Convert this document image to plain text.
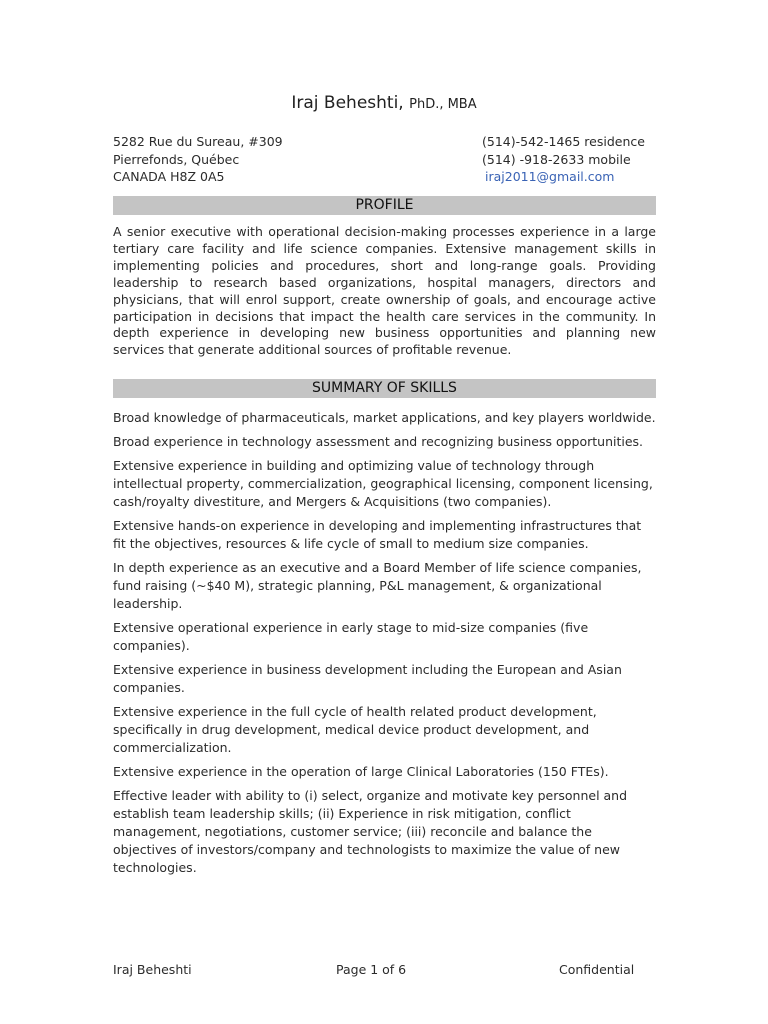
Iraj Beheshti, PhD., MBA
5282 Rue du Sureau, #309
Pierrefonds, Québec
CANADA H8Z 0A5
(514)-542-1465 residence
(514) -918-2633 mobile
iraj2011@gmail.com
PROFILE
A senior executive with operational decision-making processes experience in a large tertiary care facility and life science companies. Extensive management skills in implementing policies and procedures, short and long-range goals. Providing leadership to research based organizations, hospital managers, directors and physicians, that will enrol support, create ownership of goals, and encourage active participation in decisions that impact the health care services in the community. In depth experience in developing new business opportunities and planning new services that generate additional sources of profitable revenue.
SUMMARY OF SKILLS

Broad knowledge of pharmaceuticals, market applications, and key players worldwide.

Broad experience in technology assessment and recognizing business opportunities.

Extensive experience in building and optimizing value of technology through intellectual property, commercialization, geographical licensing, component licensing, cash/royalty divestiture, and Mergers & Acquisitions (two companies).

Extensive hands-on experience in developing and implementing infrastructures that fit the objectives, resources & life cycle of small to medium size companies.

In depth experience as an executive and a Board Member of life science companies, fund raising (~$40 M), strategic planning, P&L management, & organizational leadership.

Extensive operational experience in early stage to mid-size companies (five companies).

Extensive experience in business development including the European and Asian companies.

Extensive experience in the full cycle of health related product development, specifically in drug development, medical device product development, and commercialization.

Extensive experience in the operation of large Clinical Laboratories (150 FTEs).

Effective leader with ability to (i) select, organize and motivate key personnel and establish team leadership skills; (ii) Experience in risk mitigation, conflict management, negotiations, customer service; (iii) reconcile and balance the objectives of investors/company and technologists to maximize the value of new technologies.

Iraj Beheshti	Page 1 of 6	Confidential
